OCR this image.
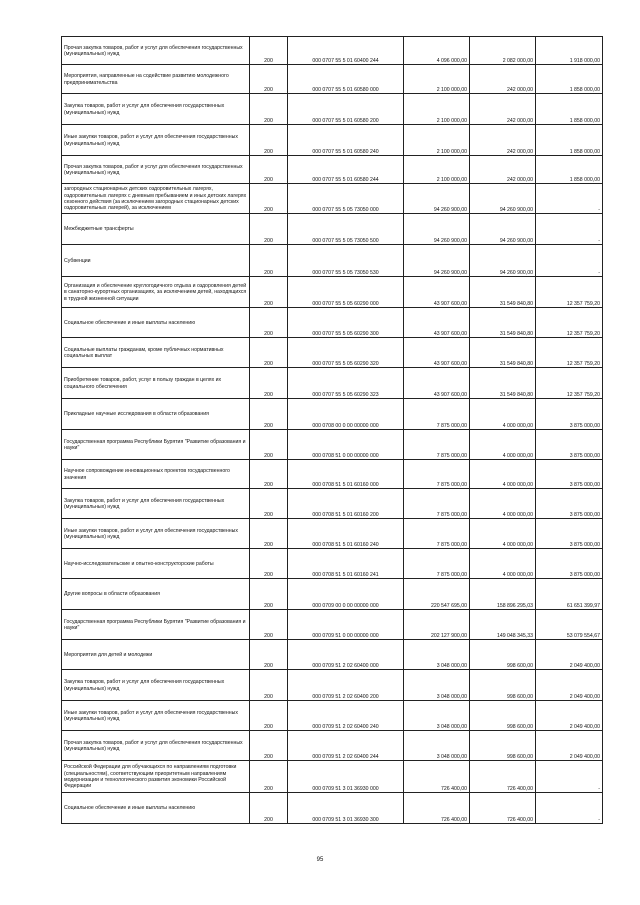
Прочая закупка товаров, работ и услуг для обеспечения государственных (муниципальных) нужд	200	000 0707 55 5 01 60400 244	4 096 000,00	2 082 000,00	1 918 000,00
Мероприятия, направленные на содействие развитию молодежного предпринимательства	200	000 0707 55 5 01 60580 000	2 100 000,00	242 000,00	1 858 000,00
Закупка товаров, работ и услуг для обеспечения государственных (муниципальных) нужд	200	000 0707 55 5 01 60580 200	2 100 000,00	242 000,00	1 858 000,00
Иные закупки товаров, работ и услуг для обеспечения государственных (муниципальных) нужд	200	000 0707 55 5 01 60580 240	2 100 000,00	242 000,00	1 858 000,00
Прочая закупка товаров, работ и услуг для обеспечения государственных (муниципальных) нужд	200	000 0707 55 5 01 60580 244	2 100 000,00	242 000,00	1 858 000,00
загородных стационарных детских оздоровительных лагерях, оздоровительных лагерях с дневным пребыванием и иных детских лагерях сезонного действия (за исключением загородных стационарных детских оздоровительных лагерей), за исключением	200	000 0707 55 5 05 73050 000	94 260 900,00	94 260 900,00	-
Межбюджетные трансферты	200	000 0707 55 5 05 73050 500	94 260 900,00	94 260 900,00	-
Субвенции	200	000 0707 55 5 05 73050 530	94 260 900,00	94 260 900,00	-
Организация и обеспечение круглогодичного отдыха и оздоровления детей в санаторно-курортных организациях, за исключением детей, находящихся в трудной жизненной ситуации	200	000 0707 55 5 05 60290 000	43 907 600,00	31 549 840,80	12 357 759,20
Социальное обеспечение и иные выплаты населению	200	000 0707 55 5 05 60290 300	43 907 600,00	31 549 840,80	12 357 759,20
Социальные выплаты гражданам, кроме публичных нормативных социальных выплат	200	000 0707 55 5 05 60290 320	43 907 600,00	31 549 840,80	12 357 759,20
Приобретение товаров, работ, услуг в пользу граждан в целях их социального обеспечения	200	000 0707 55 5 05 60290 323	43 907 600,00	31 549 840,80	12 357 759,20
Прикладные научные исследования в области образования	200	000 0708 00 0 00 00000 000	7 875 000,00	4 000 000,00	3 875 000,00
Государственная программа Республики Бурятия "Развитие образования и науки"	200	000 0708 51 0 00 00000 000	7 875 000,00	4 000 000,00	3 875 000,00
Научное сопровождение инновационных проектов государственного значения	200	000 0708 51 5 01 60160 000	7 875 000,00	4 000 000,00	3 875 000,00
Закупка товаров, работ и услуг для обеспечения государственных (муниципальных) нужд	200	000 0708 51 5 01 60160 200	7 875 000,00	4 000 000,00	3 875 000,00
Иные закупки товаров, работ и услуг для обеспечения государственных (муниципальных) нужд	200	000 0708 51 5 01 60160 240	7 875 000,00	4 000 000,00	3 875 000,00
Научно-исследовательские и опытно-конструкторские работы	200	000 0708 51 5 01 60160 241	7 875 000,00	4 000 000,00	3 875 000,00
Другие вопросы в области образования	200	000 0709 00 0 00 00000 000	220 547 695,00	158 896 295,03	61 651 399,97
Государственная программа Республики Бурятия "Развитие образования и науки"	200	000 0709 51 0 00 00000 000	202 127 900,00	149 048 345,33	53 079 554,67
Мероприятия для детей и молодежи	200	000 0709 51 2 02 60400 000	3 048 000,00	998 600,00	2 049 400,00
Закупка товаров, работ и услуг для обеспечения государственных (муниципальных) нужд	200	000 0709 51 2 02 60400 200	3 048 000,00	998 600,00	2 049 400,00
Иные закупки товаров, работ и услуг для обеспечения государственных (муниципальных) нужд	200	000 0709 51 2 02 60400 240	3 048 000,00	998 600,00	2 049 400,00
Прочая закупка товаров, работ и услуг для обеспечения государственных (муниципальных) нужд	200	000 0709 51 2 02 60400 244	3 048 000,00	998 600,00	2 049 400,00
Российской Федерации для обучающихся по направлениям подготовки (специальностям), соответствующим приоритетным направлениям модернизации и технологического развития экономики Российской Федерации	200	000 0709 51 3 01 36930 000	726 400,00	726 400,00	-
Социальное обеспечение и иные выплаты населению	200	000 0709 51 3 01 36930 300	726 400,00	726 400,00	-
95
